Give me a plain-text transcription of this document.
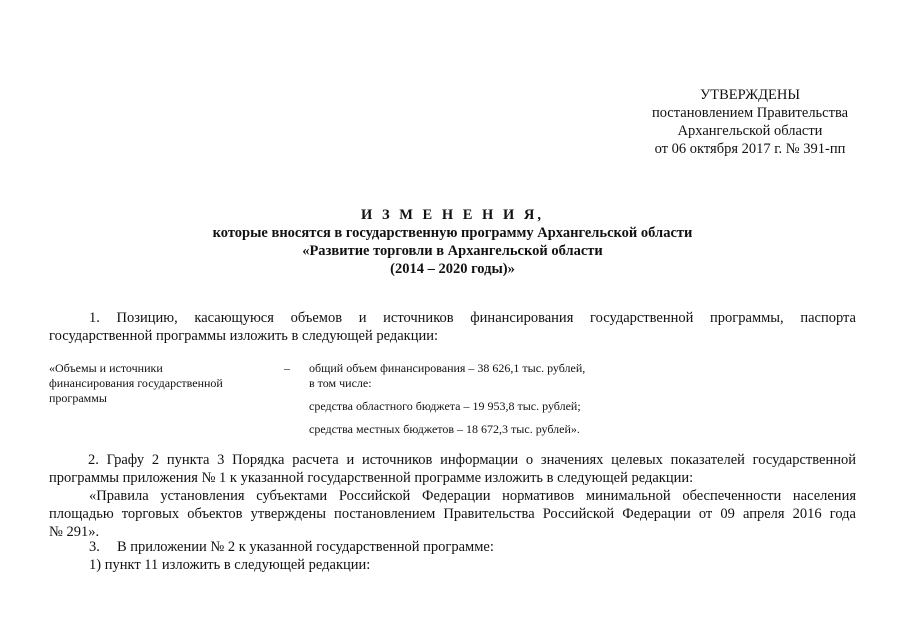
УТВЕРЖДЕНЫ
постановлением Правительства
Архангельской области
от 06 октября 2017 г. № 391-пп
И З М Е Н Е Н И Я,
которые вносятся в государственную программу Архангельской области
«Развитие торговли в Архангельской области
(2014 – 2020 годы)»
1. Позицию, касающуюся объемов и источников финансирования государственной программы, паспорта
государственной программы изложить в следующей редакции:
«Объемы и источники
финансирования государственной
программы
– общий объем финансирования – 38 626,1 тыс. рублей,
в том числе:
средства областного бюджета – 19 953,8 тыс. рублей;
средства местных бюджетов – 18 672,3 тыс. рублей».
2. Графу 2 пункта 3 Порядка расчета и источников информации о значениях целевых показателей государственной
программы приложения № 1 к указанной государственной программе изложить в следующей редакции:
«Правила установления субъектами Российской Федерации нормативов минимальной обеспеченности населения
площадью торговых объектов утверждены постановлением Правительства Российской Федерации от 09 апреля 2016 года
№ 291».
3. В приложении № 2 к указанной государственной программе:
1) пункт 11 изложить в следующей редакции:
